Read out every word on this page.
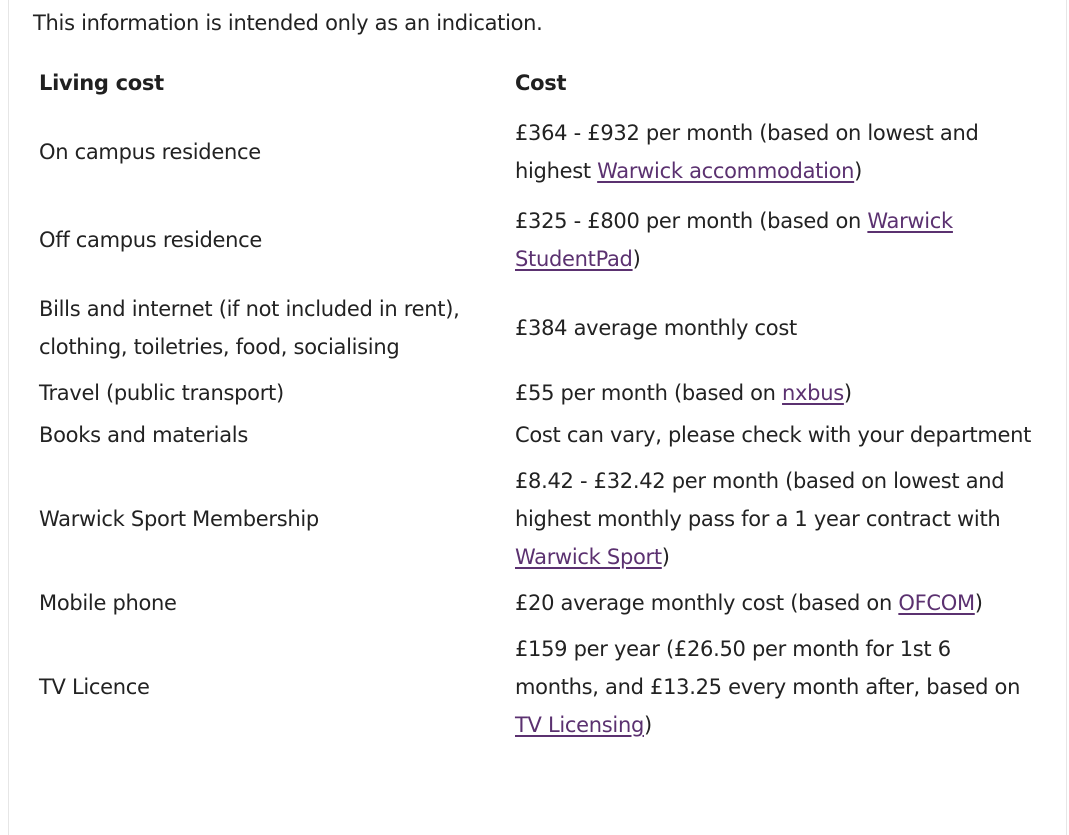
This information is intended only as an indication.
Living cost	Cost
On campus residence	£364 - £932 per month (based on lowest and highest Warwick accommodation)
Off campus residence	£325 - £800 per month (based on Warwick StudentPad)
Bills and internet (if not included in rent), clothing, toiletries, food, socialising	£384 average monthly cost
Travel (public transport)	£55 per month (based on nxbus)
Books and materials	Cost can vary, please check with your department
Warwick Sport Membership	£8.42 - £32.42 per month (based on lowest and highest monthly pass for a 1 year contract with Warwick Sport)
Mobile phone	£20 average monthly cost (based on OFCOM)
TV Licence	£159 per year (£26.50 per month for 1st 6 months, and £13.25 every month after, based on TV Licensing)
